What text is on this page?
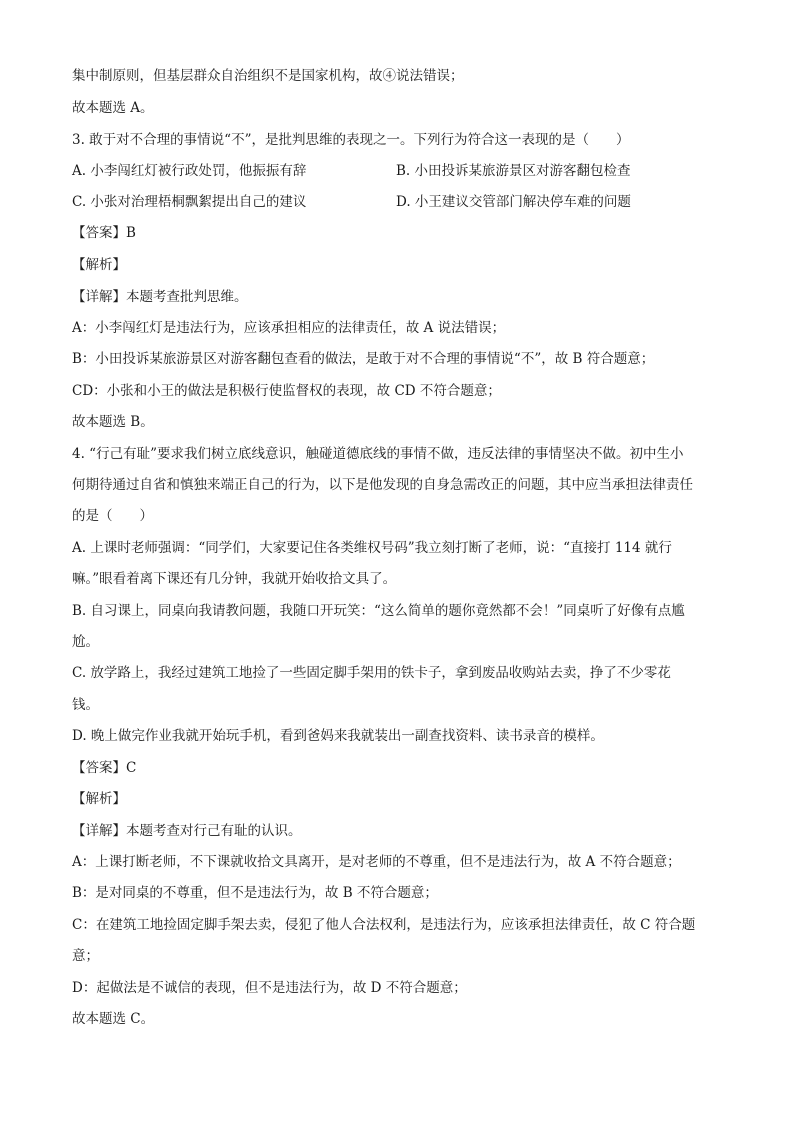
集中制原则，但基层群众自治组织不是国家机构，故④说法错误；
故本题选 A。
3. 敢于对不合理的事情说“不”，是批判思维的表现之一。下列行为符合这一表现的是（　　）
A. 小李闯红灯被行政处罚，他振振有辞	B. 小田投诉某旅游景区对游客翻包检查
C. 小张对治理梧桐飘絮提出自己的建议	D. 小王建议交管部门解决停车难的问题
【答案】B
【解析】
【详解】本题考查批判思维。
A：小李闯红灯是违法行为，应该承担相应的法律责任，故 A 说法错误；
B：小田投诉某旅游景区对游客翻包查看的做法，是敢于对不合理的事情说“不”，故 B 符合题意；
CD：小张和小王的做法是积极行使监督权的表现，故 CD 不符合题意；
故本题选 B。
4. “行己有耻”要求我们树立底线意识，触碰道德底线的事情不做，违反法律的事情坚决不做。初中生小
何期待通过自省和慎独来端正自己的行为，以下是他发现的自身急需改正的问题，其中应当承担法律责任
的是（　　）
A. 上课时老师强调：“同学们，大家要记住各类维权号码”我立刻打断了老师，说：“直接打 114 就行
嘛。”眼看着离下课还有几分钟，我就开始收拾文具了。
B. 自习课上，同桌向我请教问题，我随口开玩笑：“这么简单的题你竟然都不会！”同桌听了好像有点尴
尬。
C. 放学路上，我经过建筑工地捡了一些固定脚手架用的铁卡子，拿到废品收购站去卖，挣了不少零花
钱。
D. 晚上做完作业我就开始玩手机，看到爸妈来我就装出一副查找资料、读书录音的模样。
【答案】C
【解析】
【详解】本题考查对行己有耻的认识。
A：上课打断老师，不下课就收拾文具离开，是对老师的不尊重，但不是违法行为，故 A 不符合题意；
B：是对同桌的不尊重，但不是违法行为，故 B 不符合题意；
C：在建筑工地捡固定脚手架去卖，侵犯了他人合法权利，是违法行为，应该承担法律责任，故 C 符合题
意；
D：起做法是不诚信的表现，但不是违法行为，故 D 不符合题意；
故本题选 C。
